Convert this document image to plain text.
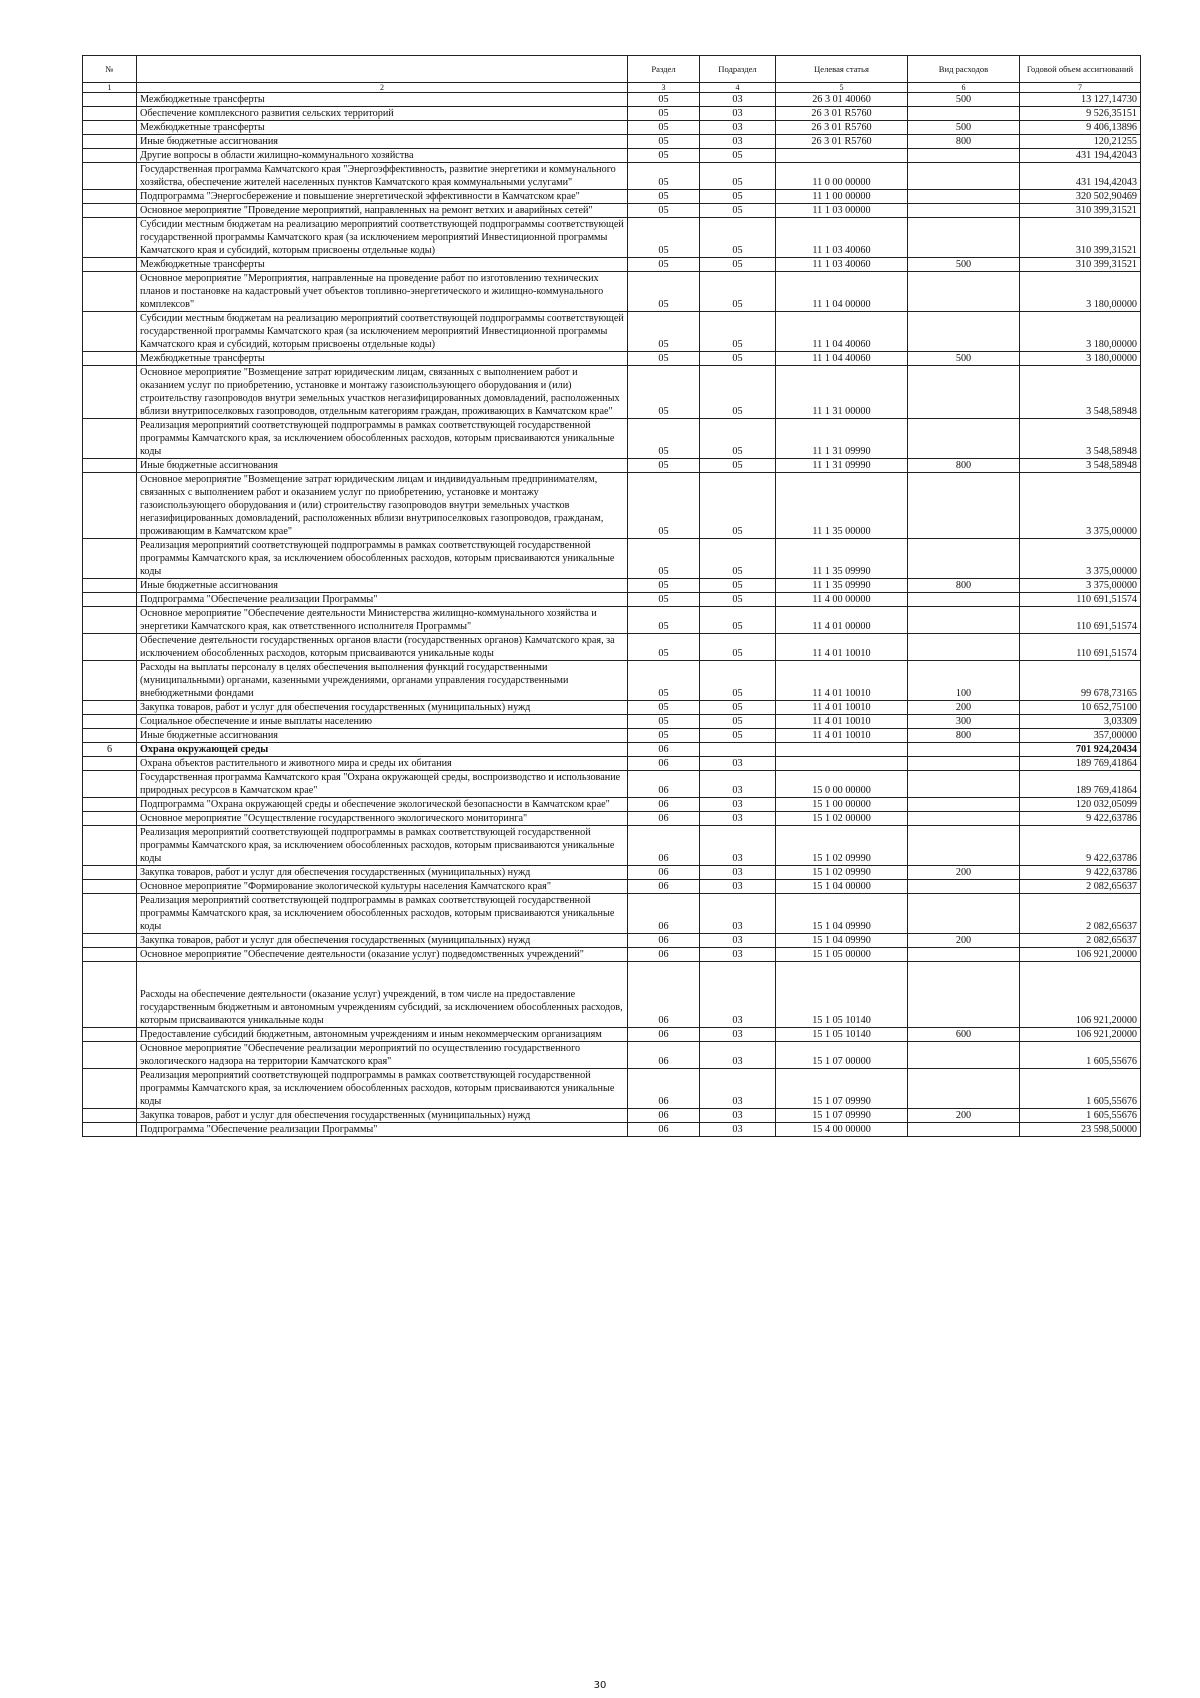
№		Раздел	Подраздел	Целевая статья	Вид расходов	Годовой объем ассигнований
1	2	3	4	5	6	7
	Межбюджетные трансферты	05	03	26 3 01 40060	500	13 127,14730
	Обеспечение комплексного развития сельских территорий	05	03	26 3 01 R5760		9 526,35151
	Межбюджетные трансферты	05	03	26 3 01 R5760	500	9 406,13896
	Иные бюджетные ассигнования	05	03	26 3 01 R5760	800	120,21255
	Другие вопросы в области жилищно-коммунального хозяйства	05	05			431 194,42043
	Государственная программа Камчатского края "Энергоэффективность, развитие энергетики и коммунального хозяйства, обеспечение жителей населенных пунктов Камчатского края коммунальными услугами"	05	05	11 0 00 00000		431 194,42043
	Подпрограмма "Энергосбережение и повышение энергетической эффективности в Камчатском крае"	05	05	11 1 00 00000		320 502,90469
	Основное мероприятие "Проведение мероприятий, направленных на ремонт ветхих и аварийных сетей"	05	05	11 1 03 00000		310 399,31521
	Субсидии местным бюджетам на реализацию мероприятий соответствующей подпрограммы соответствующей государственной программы Камчатского края (за исключением мероприятий Инвестиционной программы Камчатского края и субсидий, которым присвоены отдельные коды)	05	05	11 1 03 40060		310 399,31521
	Межбюджетные трансферты	05	05	11 1 03 40060	500	310 399,31521
	Основное мероприятие "Мероприятия, направленные на проведение работ по изготовлению технических планов и постановке на кадастровый учет объектов топливно-энергетического и жилищно-коммунального комплексов"	05	05	11 1 04 00000		3 180,00000
	Субсидии местным бюджетам на реализацию мероприятий соответствующей подпрограммы соответствующей государственной программы Камчатского края (за исключением мероприятий Инвестиционной программы Камчатского края и субсидий, которым присвоены отдельные коды)	05	05	11 1 04 40060		3 180,00000
	Межбюджетные трансферты	05	05	11 1 04 40060	500	3 180,00000
	Основное мероприятие "Возмещение затрат юридическим лицам, связанных с выполнением работ и оказанием услуг по приобретению, установке и монтажу газоиспользующего оборудования и (или) строительству газопроводов внутри земельных участков негазифицированных домовладений, расположенных вблизи внутрипоселковых газопроводов, отдельным категориям граждан, проживающих в Камчатском крае"	05	05	11 1 31 00000		3 548,58948
	Реализация мероприятий соответствующей подпрограммы в рамках соответствующей государственной программы Камчатского края, за исключением обособленных расходов, которым присваиваются уникальные коды	05	05	11 1 31 09990		3 548,58948
	Иные бюджетные ассигнования	05	05	11 1 31 09990	800	3 548,58948
	Основное мероприятие "Возмещение затрат юридическим лицам и индивидуальным предпринимателям, связанных с выполнением работ и оказанием услуг по приобретению, установке и монтажу газоиспользующего оборудования и (или) строительству газопроводов внутри земельных участков негазифицированных домовладений, расположенных вблизи внутрипоселковых газопроводов, гражданам, проживающим в Камчатском крае"	05	05	11 1 35 00000		3 375,00000
	Реализация мероприятий соответствующей подпрограммы в рамках соответствующей государственной программы Камчатского края, за исключением обособленных расходов, которым присваиваются уникальные коды	05	05	11 1 35 09990		3 375,00000
	Иные бюджетные ассигнования	05	05	11 1 35 09990	800	3 375,00000
	Подпрограмма "Обеспечение реализации Программы"	05	05	11 4 00 00000		110 691,51574
	Основное мероприятие "Обеспечение деятельности Министерства жилищно-коммунального хозяйства и энергетики Камчатского края, как ответственного исполнителя Программы"	05	05	11 4 01 00000		110 691,51574
	Обеспечение деятельности государственных органов власти (государственных органов) Камчатского края, за исключением обособленных расходов, которым присваиваются уникальные коды	05	05	11 4 01 10010		110 691,51574
	Расходы на выплаты персоналу в целях обеспечения выполнения функций государственными (муниципальными) органами, казенными учреждениями, органами управления государственными внебюджетными фондами	05	05	11 4 01 10010	100	99 678,73165
	Закупка товаров, работ и услуг для обеспечения государственных (муниципальных) нужд	05	05	11 4 01 10010	200	10 652,75100
	Социальное обеспечение и иные выплаты населению	05	05	11 4 01 10010	300	3,03309
	Иные бюджетные ассигнования	05	05	11 4 01 10010	800	357,00000
6	Охрана окружающей среды	06				701 924,20434
	Охрана объектов растительного и животного мира и среды их обитания	06	03			189 769,41864
	Государственная программа Камчатского края "Охрана окружающей среды, воспроизводство и использование природных ресурсов в Камчатском крае"	06	03	15 0 00 00000		189 769,41864
	Подпрограмма "Охрана окружающей среды и обеспечение экологической безопасности в Камчатском крае"	06	03	15 1 00 00000		120 032,05099
	Основное мероприятие "Осуществление государственного экологического мониторинга"	06	03	15 1 02 00000		9 422,63786
	Реализация мероприятий соответствующей подпрограммы в рамках соответствующей государственной программы Камчатского края, за исключением обособленных расходов, которым присваиваются уникальные коды	06	03	15 1 02 09990		9 422,63786
	Закупка товаров, работ и услуг для обеспечения государственных (муниципальных) нужд	06	03	15 1 02 09990	200	9 422,63786
	Основное мероприятие "Формирование экологической культуры населения Камчатского края"	06	03	15 1 04 00000		2 082,65637
	Реализация мероприятий соответствующей подпрограммы в рамках соответствующей государственной программы Камчатского края, за исключением обособленных расходов, которым присваиваются уникальные коды	06	03	15 1 04 09990		2 082,65637
	Закупка товаров, работ и услуг для обеспечения государственных (муниципальных) нужд	06	03	15 1 04 09990	200	2 082,65637
	Основное мероприятие "Обеспечение деятельности (оказание услуг) подведомственных учреждений"	06	03	15 1 05 00000		106 921,20000
	Расходы на обеспечение деятельности (оказание услуг) учреждений, в том числе на предоставление государственным бюджетным и автономным учреждениям субсидий, за исключением обособленных расходов, которым присваиваются уникальные коды	06	03	15 1 05 10140		106 921,20000
	Предоставление субсидий бюджетным, автономным учреждениям и иным некоммерческим организациям	06	03	15 1 05 10140	600	106 921,20000
	Основное мероприятие "Обеспечение реализации мероприятий по осуществлению государственного экологического надзора на территории Камчатского края"	06	03	15 1 07 00000		1 605,55676
	Реализация мероприятий соответствующей подпрограммы в рамках соответствующей государственной программы Камчатского края, за исключением обособленных расходов, которым присваиваются уникальные коды	06	03	15 1 07 09990		1 605,55676
	Закупка товаров, работ и услуг для обеспечения государственных (муниципальных) нужд	06	03	15 1 07 09990	200	1 605,55676
	Подпрограмма "Обеспечение реализации Программы"	06	03	15 4 00 00000		23 598,50000
30
